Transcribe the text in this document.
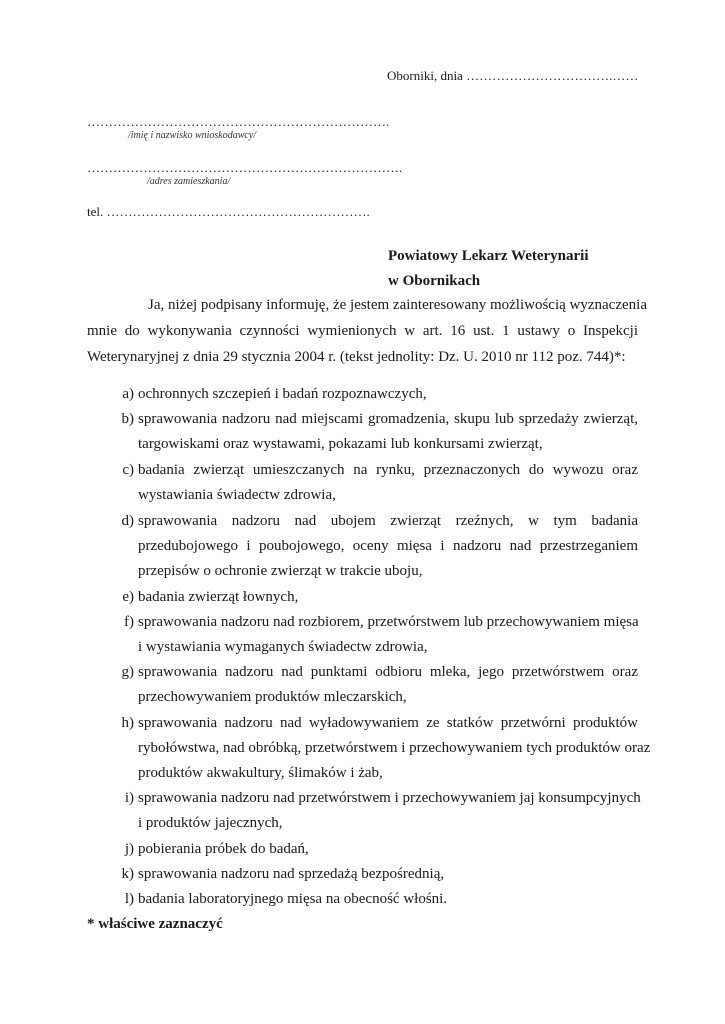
Oborniki, dnia …………………………….……
…………………………………………………………….
/imię i nazwisko wnioskodawcy/
……………………………………………………………….
/adres zamieszkania/
tel. …………………………………………………….
Powiatowy Lekarz Weterynarii
w Obornikach
Ja, niżej podpisany informuję, że jestem zainteresowany możliwością wyznaczenia
mnie do wykonywania czynności wymienionych w art. 16 ust. 1 ustawy o Inspekcji
Weterynaryjnej z dnia 29 stycznia 2004 r. (tekst jednolity: Dz. U. 2010 nr 112 poz. 744)*:
a) ochronnych szczepień i badań rozpoznawczych,
b) sprawowania nadzoru nad miejscami gromadzenia, skupu lub sprzedaży zwierząt,
targowiskami oraz wystawami, pokazami lub konkursami zwierząt,
c) badania zwierząt umieszczanych na rynku, przeznaczonych do wywozu oraz
wystawiania świadectw zdrowia,
d) sprawowania nadzoru nad ubojem zwierząt rzeźnych, w tym badania
przedubojowego i poubojowego, oceny mięsa i nadzoru nad przestrzeganiem
przepisów o ochronie zwierząt w trakcie uboju,
e) badania zwierząt łownych,
f) sprawowania nadzoru nad rozbiorem, przetwórstwem lub przechowywaniem mięsa
i wystawiania wymaganych świadectw zdrowia,
g) sprawowania nadzoru nad punktami odbioru mleka, jego przetwórstwem oraz
przechowywaniem produktów mleczarskich,
h) sprawowania nadzoru nad wyładowywaniem ze statków przetwórni produktów
rybołówstwa, nad obróbką, przetwórstwem i przechowywaniem tych produktów oraz
produktów akwakultury, ślimaków i żab,
i) sprawowania nadzoru nad przetwórstwem i przechowywaniem jaj konsumpcyjnych
i produktów jajecznych,
j) pobierania próbek do badań,
k) sprawowania nadzoru nad sprzedażą bezpośrednią,
l) badania laboratoryjnego mięsa na obecność włośni.
* właściwe zaznaczyć
